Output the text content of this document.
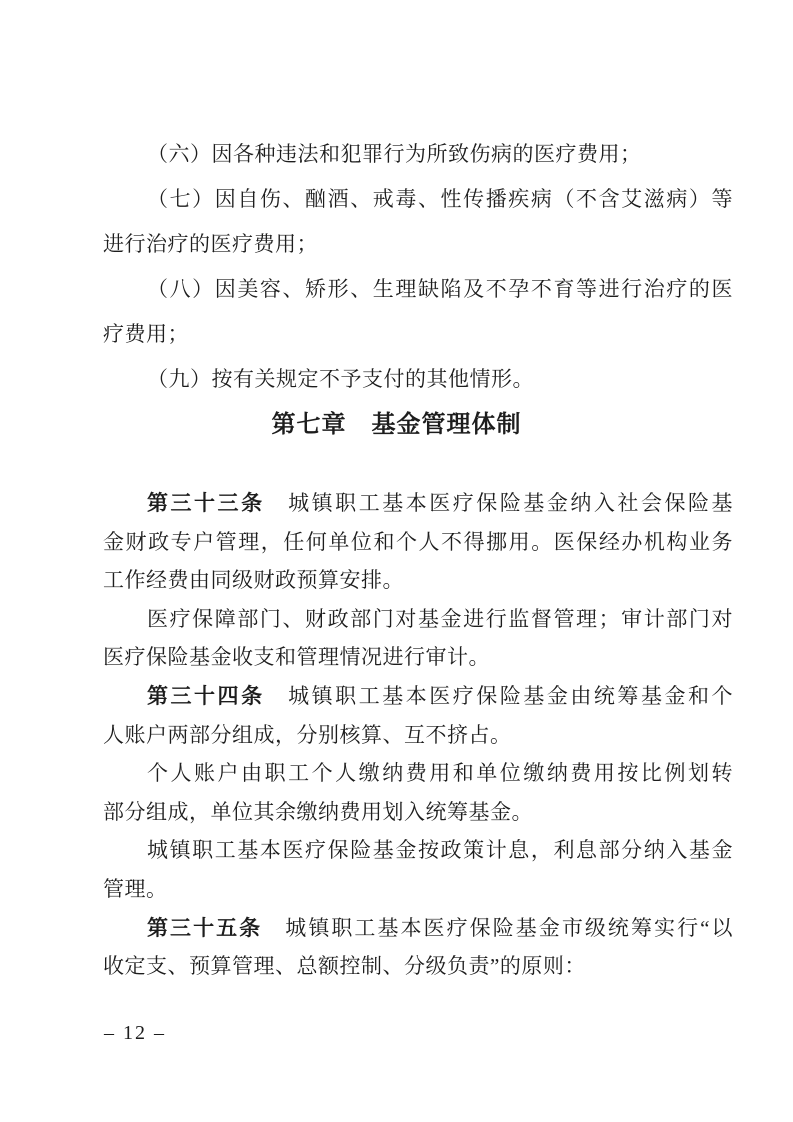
（六）因各种违法和犯罪行为所致伤病的医疗费用；
（七）因自伤、酗酒、戒毒、性传播疾病（不含艾滋病）等
进行治疗的医疗费用；
（八）因美容、矫形、生理缺陷及不孕不育等进行治疗的医
疗费用；
（九）按有关规定不予支付的其他情形。
第七章　基金管理体制
第三十三条　城镇职工基本医疗保险基金纳入社会保险基
金财政专户管理，任何单位和个人不得挪用。医保经办机构业务
工作经费由同级财政预算安排。
医疗保障部门、财政部门对基金进行监督管理；审计部门对
医疗保险基金收支和管理情况进行审计。
第三十四条　城镇职工基本医疗保险基金由统筹基金和个
人账户两部分组成，分别核算、互不挤占。
个人账户由职工个人缴纳费用和单位缴纳费用按比例划转
部分组成，单位其余缴纳费用划入统筹基金。
城镇职工基本医疗保险基金按政策计息，利息部分纳入基金
管理。
第三十五条　城镇职工基本医疗保险基金市级统筹实行“以
收定支、预算管理、总额控制、分级负责”的原则：
– 12 –
